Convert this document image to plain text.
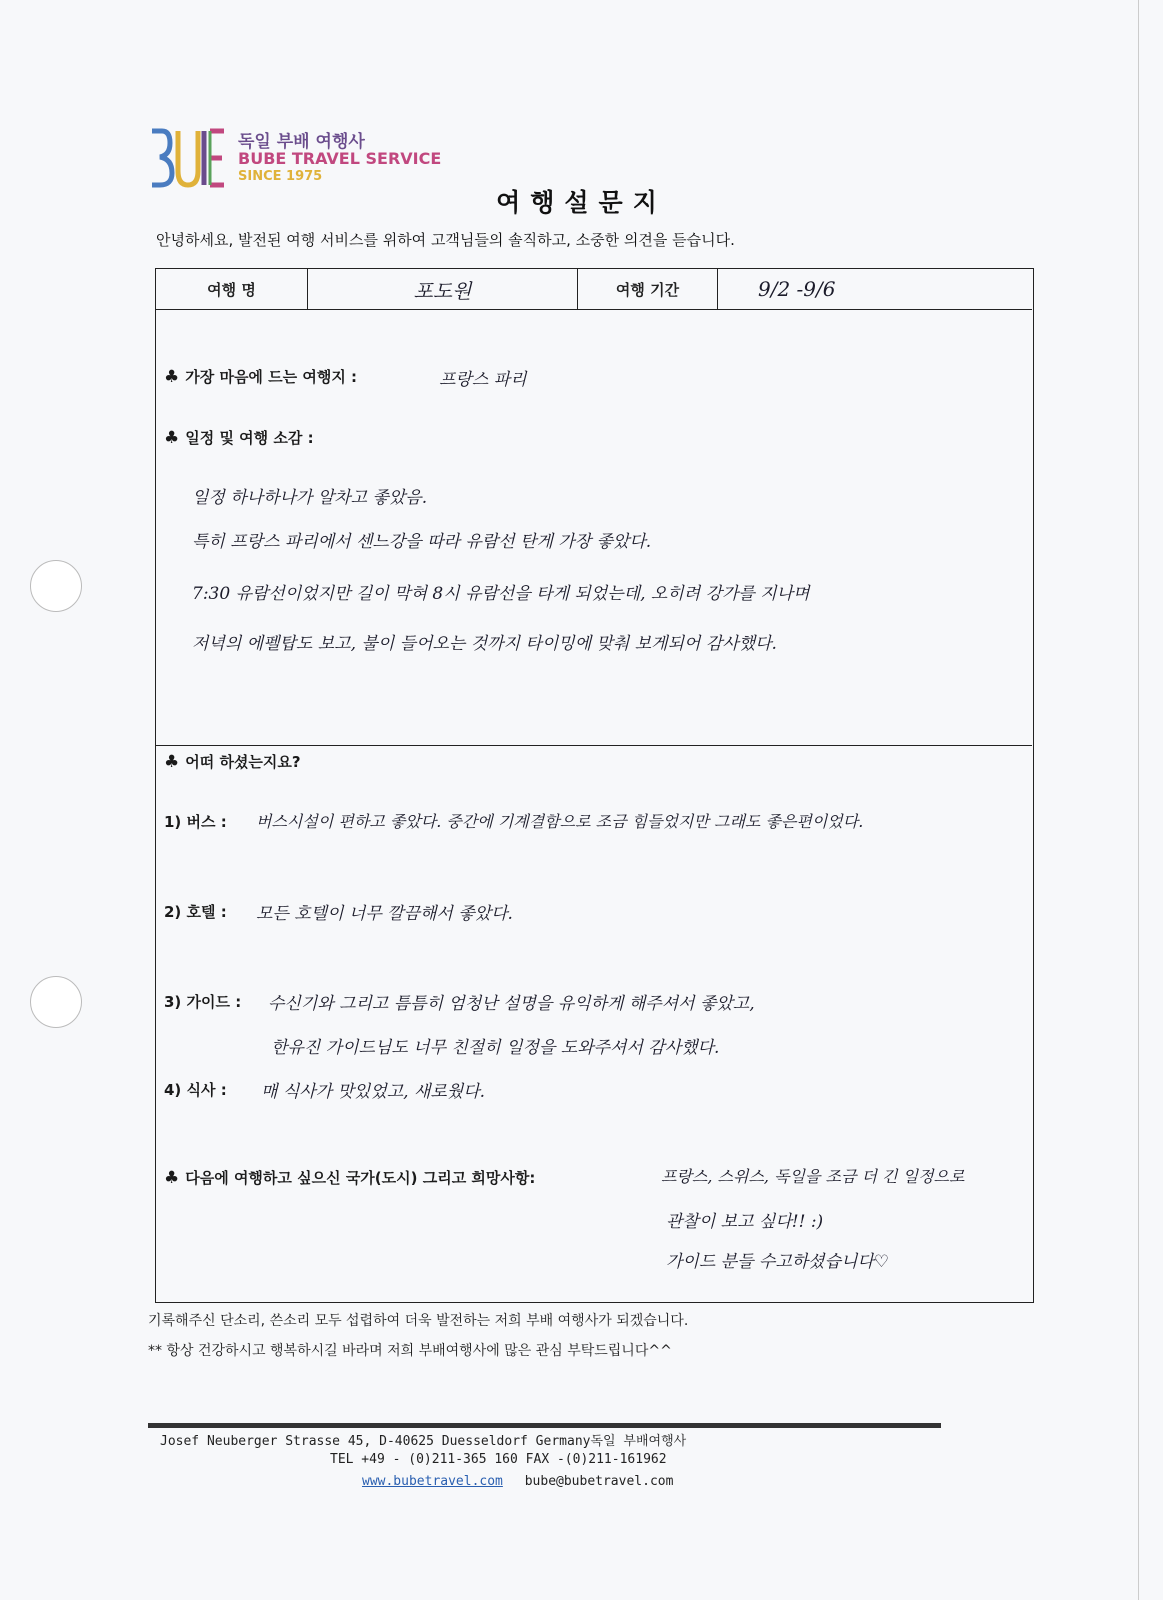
독일 부배 여행사
BUBE TRAVEL SERVICE
SINCE 1975
여행설문지
안녕하세요, 발전된 여행 서비스를 위하여 고객님들의 솔직하고, 소중한 의견을 듣습니다.
여행 명	포도원	여행 기간	9/2 -9/6
♣ 가장 마음에 드는 여행지 :	프랑스 파리
♣ 일정 및 여행 소감 :
일정 하나하나가 알차고 좋았음.
특히 프랑스 파리에서 센느강을 따라 유람선 탄게 가장 좋았다.
7:30 유람선이었지만 길이 막혀 8시 유람선을 타게 되었는데, 오히려 강가를 지나며
저녁의 에펠탑도 보고, 불이 들어오는 것까지 타이밍에 맞춰 보게되어 감사했다.
♣ 어떠 하셨는지요?
1) 버스 : 버스시설이 편하고 좋았다. 중간에 기계결함으로 조금 힘들었지만 그래도 좋은편이었다.
2) 호텔 : 모든 호텔이 너무 깔끔해서 좋았다.
3) 가이드 : 수신기와 그리고 틈틈히 엄청난 설명을 유익하게 해주셔서 좋았고,
한유진 가이드님도 너무 친절히 일정을 도와주셔서 감사했다.
4) 식사 : 매 식사가 맛있었고, 새로웠다.
♣ 다음에 여행하고 싶으신 국가(도시) 그리고 희망사항:	프랑스, 스위스, 독일을 조금 더 긴 일정으로
관찰이 보고 싶다!! :)
가이드 분들 수고하셨습니다♡
기록해주신 단소리, 쓴소리 모두 섭렵하여 더욱 발전하는 저희 부배 여행사가 되겠습니다.
** 항상 건강하시고 행복하시길 바라며 저희 부배여행사에 많은 관심 부탁드립니다^^
Josef Neuberger Strasse 45, D-40625 Duesseldorf Germany독일 부배여행사
TEL +49 - (0)211-365 160 FAX -(0)211-161962
www.bubetravel.com bube@bubetravel.com
